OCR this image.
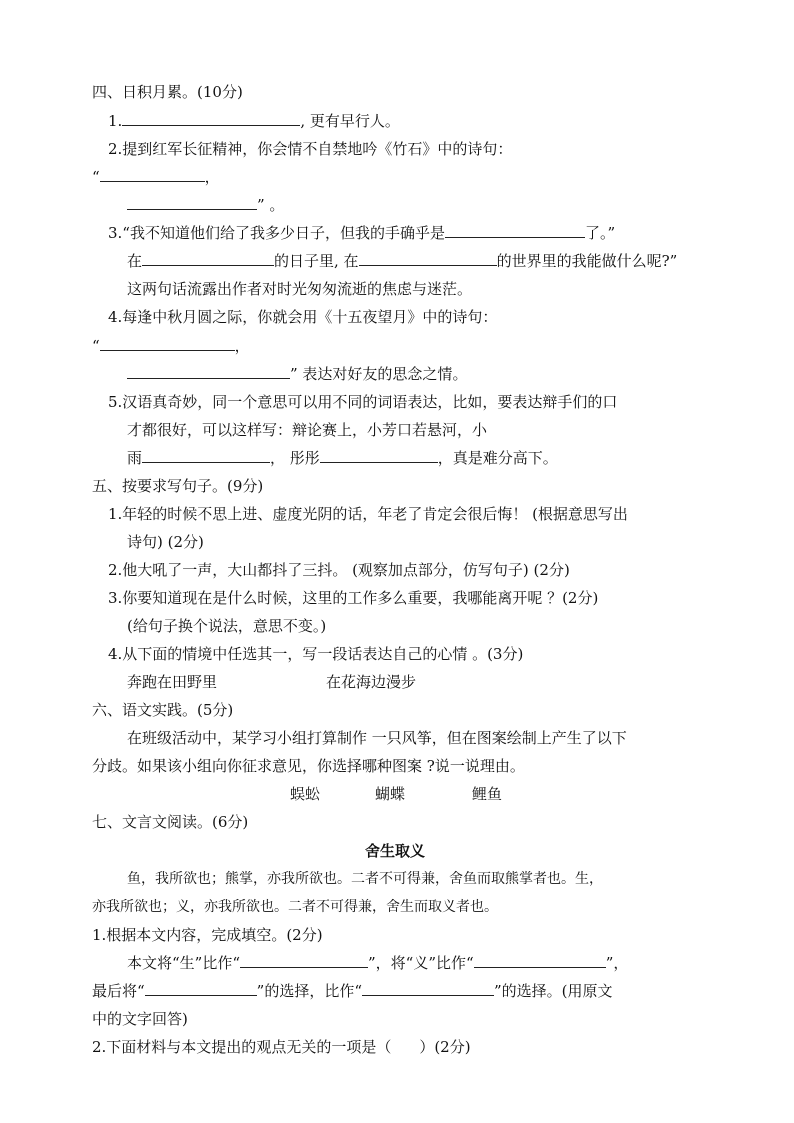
四、日积月累。(10分)
1.	, 更有早行人。
2.提到红军长征精神，你会情不自禁地吟《竹石》中的诗句：
“	，
” 。
3.“我不知道他们给了我多少日子，但我的手确乎是	了。”
在	的日子里, 在	的世界里的我能做什么呢?”
这两句话流露出作者对时光匆匆流逝的焦虑与迷茫。
4.每逢中秋月圆之际，你就会用《十五夜望月》中的诗句：
“	，
” 表达对好友的思念之情。
5.汉语真奇妙，同一个意思可以用不同的词语表达，比如，要表达辩手们的口
才都很好，可以这样写：辩论赛上，小芳口若悬河，小
雨	， 彤彤	，真是难分高下。
五、按要求写句子。(9分)
1.年轻的时候不思上进、虚度光阴的话，年老了肯定会很后悔！ (根据意思写出
诗句) (2分)
2.他大吼了一声，大山都抖了三抖。 (观察加点部分，仿写句子) (2分)
3.你要知道现在是什么时候，这里的工作多么重要，我哪能离开呢 ？(2分)
(给句子换个说法，意思不变。)
4.从下面的情境中任选其一，写一段话表达自己的心情 。(3分)
奔跑在田野里	在花海边漫步
六、语文实践。(5分)
在班级活动中，某学习小组打算制作 一只风筝，但在图案绘制上产生了以下
分歧。如果该小组向你征求意见，你选择哪种图案 ?说一说理由。
蜈蚣	蝴蝶	鲤鱼
七、文言文阅读。(6分)
舍生取义
鱼，我所欲也；熊掌，亦我所欲也。二者不可得兼，舍鱼而取熊掌者也。生，
亦我所欲也；义，亦我所欲也。二者不可得兼，舍生而取义者也。
1.根据本文内容，完成填空。(2分)
本文将“生”比作“	”，将“义”比作“	”，
最后将“	”的选择，比作“	”的选择。(用原文
中的文字回答)
2.下面材料与本文提出的观点无关的一项是（ ）(2分)
